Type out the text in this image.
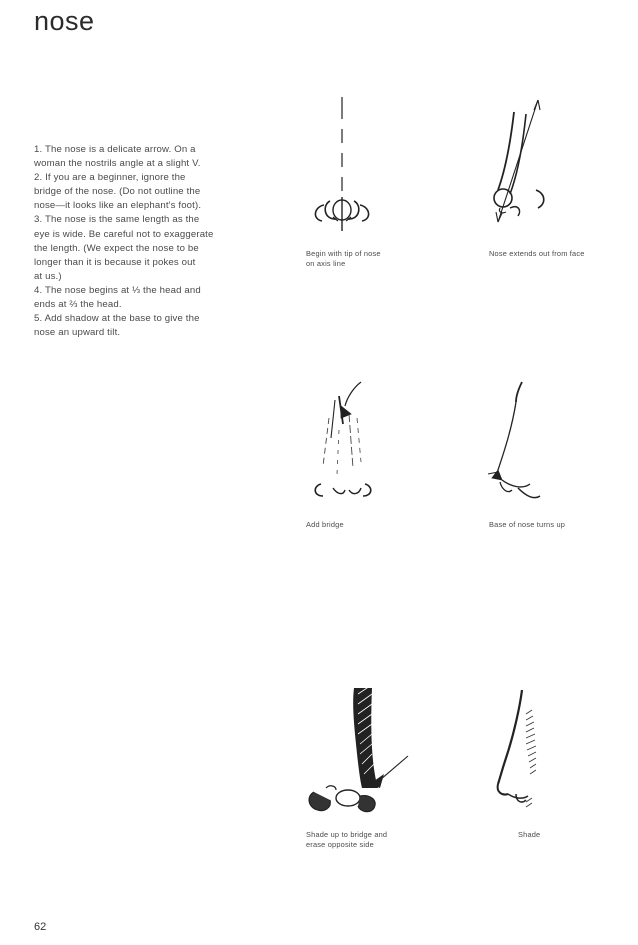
nose

1. The nose is a delicate arrow. On a

woman the nostrils angle at a slight V.

2. If you are a beginner, ignore the

bridge of the nose. (Do not outline the

nose—it looks like an elephant's foot).

3. The nose is the same length as the

eye is wide. Be careful not to exaggerate

the length. (We expect the nose to be

longer than it is because it pokes out

at us.)

4. The nose begins at ⅓ the head and

ends at ⅔ the head.

5. Add shadow at the base to give the

nose an upward tilt.

Begin with tip of nose
on axis line
Nose extends out from face
Add bridge	Base of nose turns up
Shade up to bridge and
erase opposite side
Shade
62
